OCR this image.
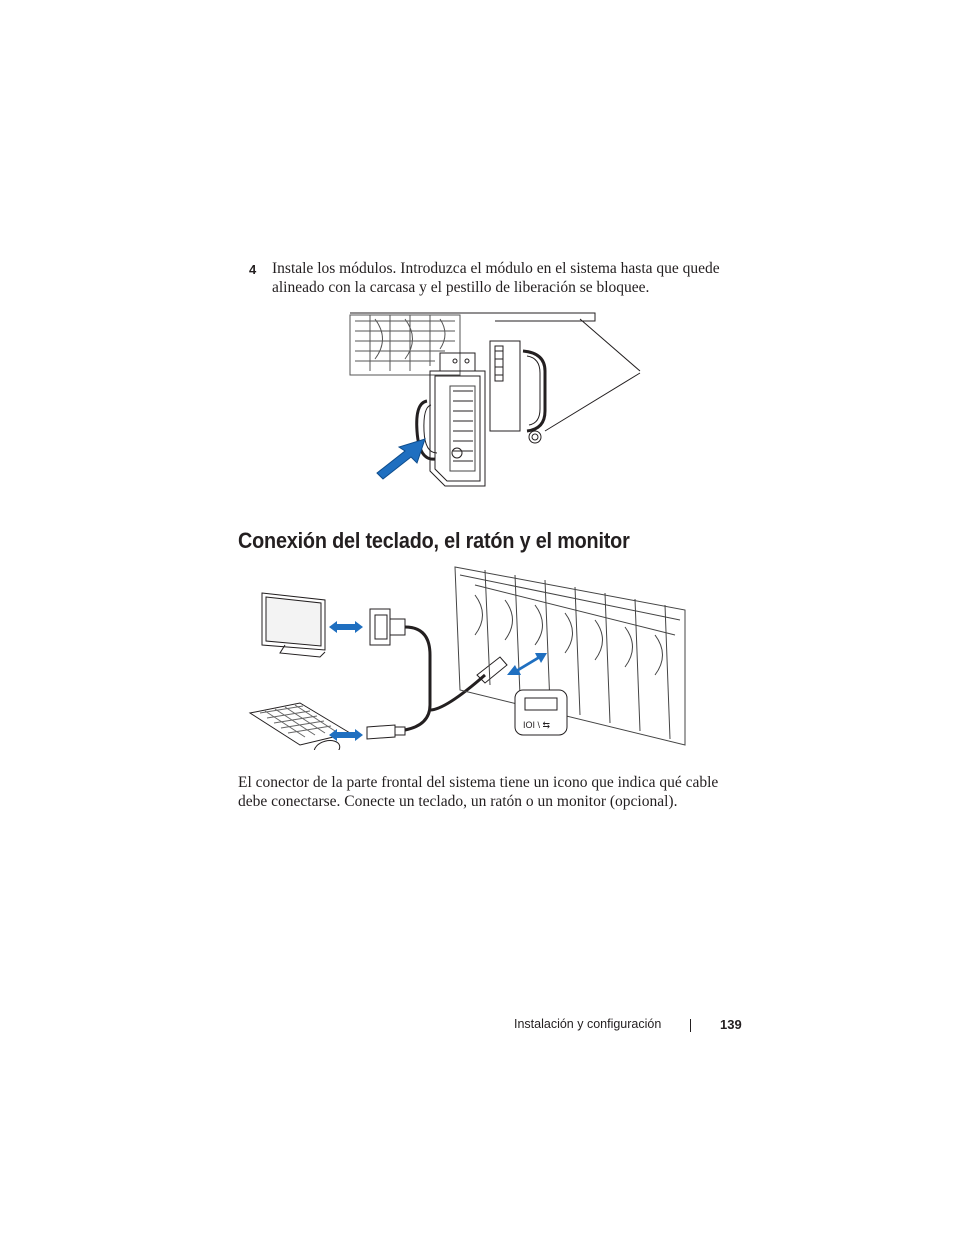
4 Instale los módulos. Introduzca el módulo en el sistema hasta que quede alineado con la carcasa y el pestillo de liberación se bloquee.
Conexión del teclado, el ratón y el monitor
IOI \ ⇆

El conector de la parte frontal del sistema tiene un icono que indica qué cable debe conectarse. Conecte un teclado, un ratón o un monitor (opcional).

Instalación y configuración	139
